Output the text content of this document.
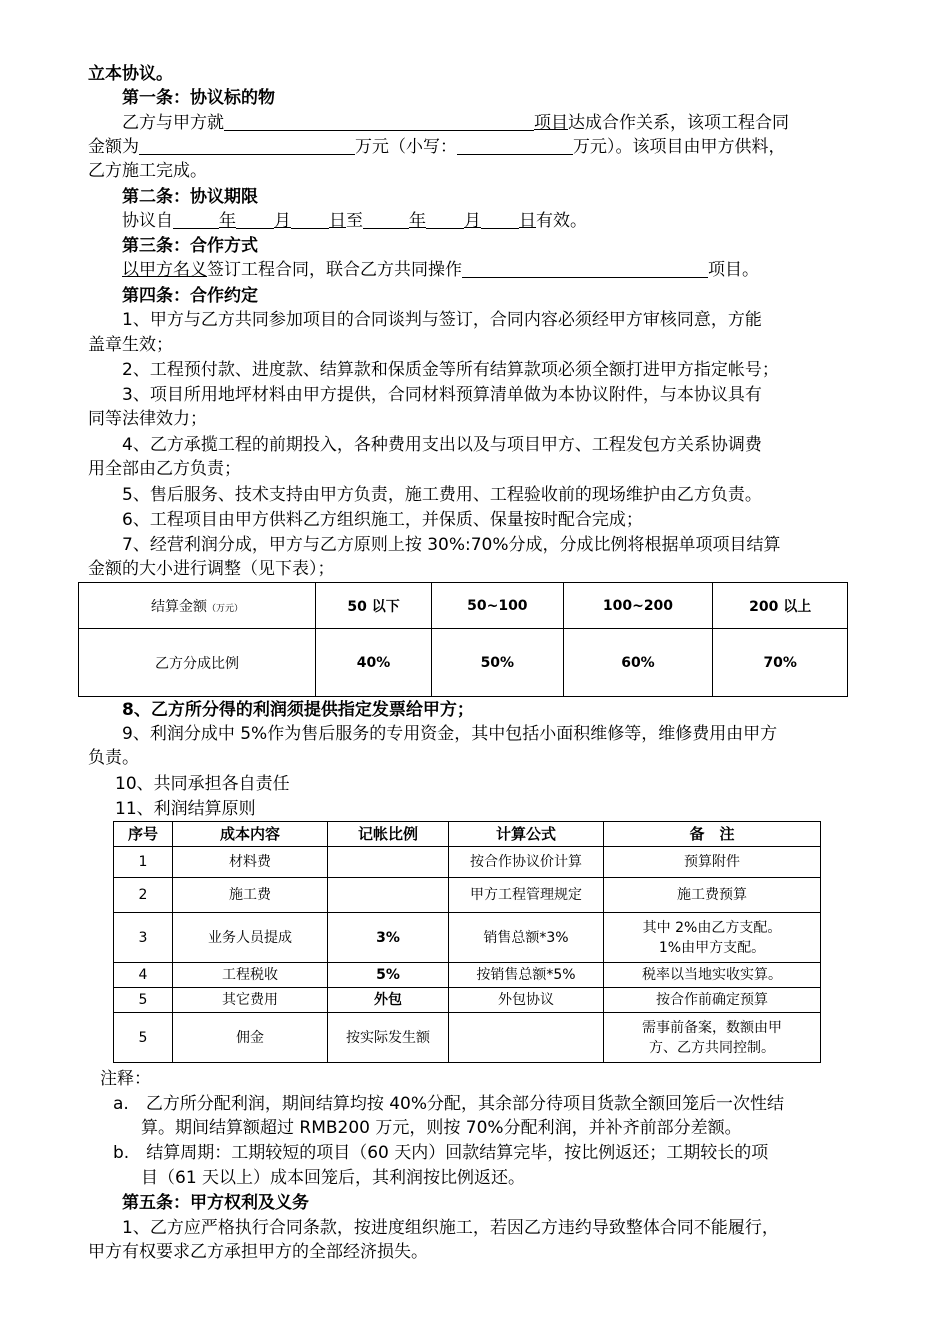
立本协议。
第一条：协议标的物
乙方与甲方就	项目达成合作关系，该项工程合同
金额为	万元（小写：	万元）。该项目由甲方供料，
乙方施工完成。
第二条：协议期限
协议自	年 月 日至	年 月 日有效。
第三条：合作方式
以甲方名义签订工程合同，联合乙方共同操作	项目。
第四条：合作约定
1、甲方与乙方共同参加项目的合同谈判与签订，合同内容必须经甲方审核同意，方能
盖章生效；
2、工程预付款、进度款、结算款和保质金等所有结算款项必须全额打进甲方指定帐号；
3、项目所用地坪材料由甲方提供，合同材料预算清单做为本协议附件，与本协议具有
同等法律效力；
4、乙方承揽工程的前期投入，各种费用支出以及与项目甲方、工程发包方关系协调费
用全部由乙方负责；
5、售后服务、技术支持由甲方负责，施工费用、工程验收前的现场维护由乙方负责。
6、工程项目由甲方供料乙方组织施工，并保质、保量按时配合完成；
7、经营利润分成，甲方与乙方原则上按 30%:70%分成，分成比例将根据单项项目结算
金额的大小进行调整（见下表）；
结算金额（万元）	50 以下	50~100	100~200	200 以上
乙方分成比例	40%	50%	60%	70%
8、乙方所分得的利润须提供指定发票给甲方；
9、利润分成中 5%作为售后服务的专用资金，其中包括小面积维修等，维修费用由甲方
负责。
10、共同承担各自责任
11、利润结算原则
序号	成本内容	记帐比例	计算公式	备　注
1	材料费		按合作协议价计算	预算附件
2	施工费		甲方工程管理规定	施工费预算
3	业务人员提成	3%	销售总额*3%	其中 2%由乙方支配。
1%由甲方支配。

4	工程税收	5%	按销售总额*5%	税率以当地实收实算。
5	其它费用	外包	外包协议	按合作前确定预算
5	佣金	按实际发生额		需事前备案，数额由甲
方、乙方共同控制。
注释：
a.　乙方所分配利润，期间结算均按 40%分配，其余部分待项目货款全额回笼后一次性结
算。期间结算额超过 RMB200 万元，则按 70%分配利润，并补齐前部分差额。
b.　结算周期：工期较短的项目（60 天内）回款结算完毕，按比例返还；工期较长的项
目（61 天以上）成本回笼后，其利润按比例返还。
第五条：甲方权利及义务
1、乙方应严格执行合同条款，按进度组织施工，若因乙方违约导致整体合同不能履行，
甲方有权要求乙方承担甲方的全部经济损失。
